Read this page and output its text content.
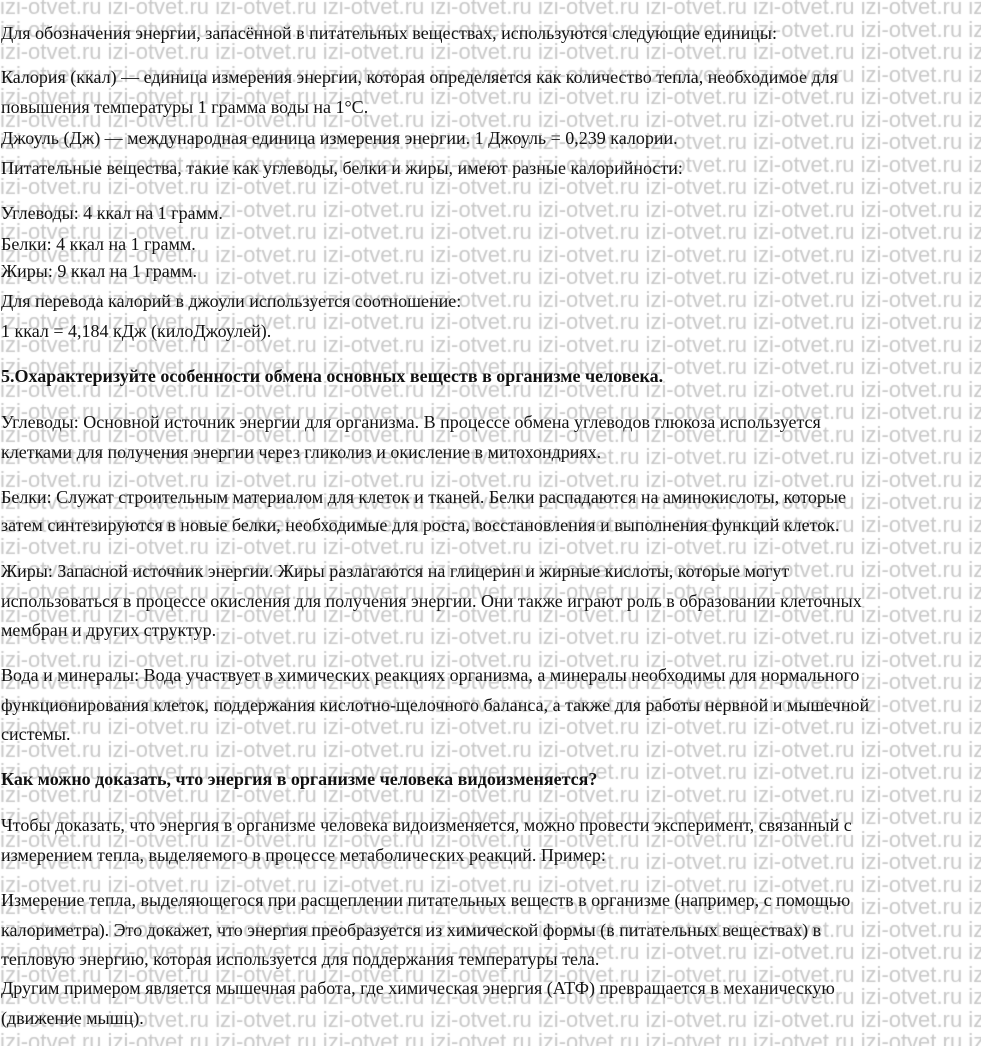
Для обозначения энергии, запасённой в питательных веществах, используются следующие единицы:
Калория (ккал) — единица измерения энергии, которая определяется как количество тепла, необходимое для
повышения температуры 1 грамма воды на 1°C.
Джоуль (Дж) — международная единица измерения энергии. 1 Джоуль = 0,239 калории.
Питательные вещества, такие как углеводы, белки и жиры, имеют разные калорийности:
Углеводы: 4 ккал на 1 грамм.
Белки: 4 ккал на 1 грамм.
Жиры: 9 ккал на 1 грамм.
Для перевода калорий в джоули используется соотношение:
1 ккал = 4,184 кДж (килоДжоулей).
5.Охарактеризуйте особенности обмена основных веществ в организме человека.
Углеводы: Основной источник энергии для организма. В процессе обмена углеводов глюкоза используется
клетками для получения энергии через гликолиз и окисление в митохондриях.
Белки: Служат строительным материалом для клеток и тканей. Белки распадаются на аминокислоты, которые
затем синтезируются в новые белки, необходимые для роста, восстановления и выполнения функций клеток.
Жиры: Запасной источник энергии. Жиры разлагаются на глицерин и жирные кислоты, которые могут
использоваться в процессе окисления для получения энергии. Они также играют роль в образовании клеточных
мембран и других структур.
Вода и минералы: Вода участвует в химических реакциях организма, а минералы необходимы для нормального
функционирования клеток, поддержания кислотно-щелочного баланса, а также для работы нервной и мышечной
системы.
Как можно доказать, что энергия в организме человека видоизменяется?
Чтобы доказать, что энергия в организме человека видоизменяется, можно провести эксперимент, связанный с
измерением тепла, выделяемого в процессе метаболических реакций. Пример:
Измерение тепла, выделяющегося при расщеплении питательных веществ в организме (например, с помощью
калориметра). Это докажет, что энергия преобразуется из химической формы (в питательных веществах) в
тепловую энергию, которая используется для поддержания температуры тела.
Другим примером является мышечная работа, где химическая энергия (АТФ) превращается в механическую
(движение мышц).
